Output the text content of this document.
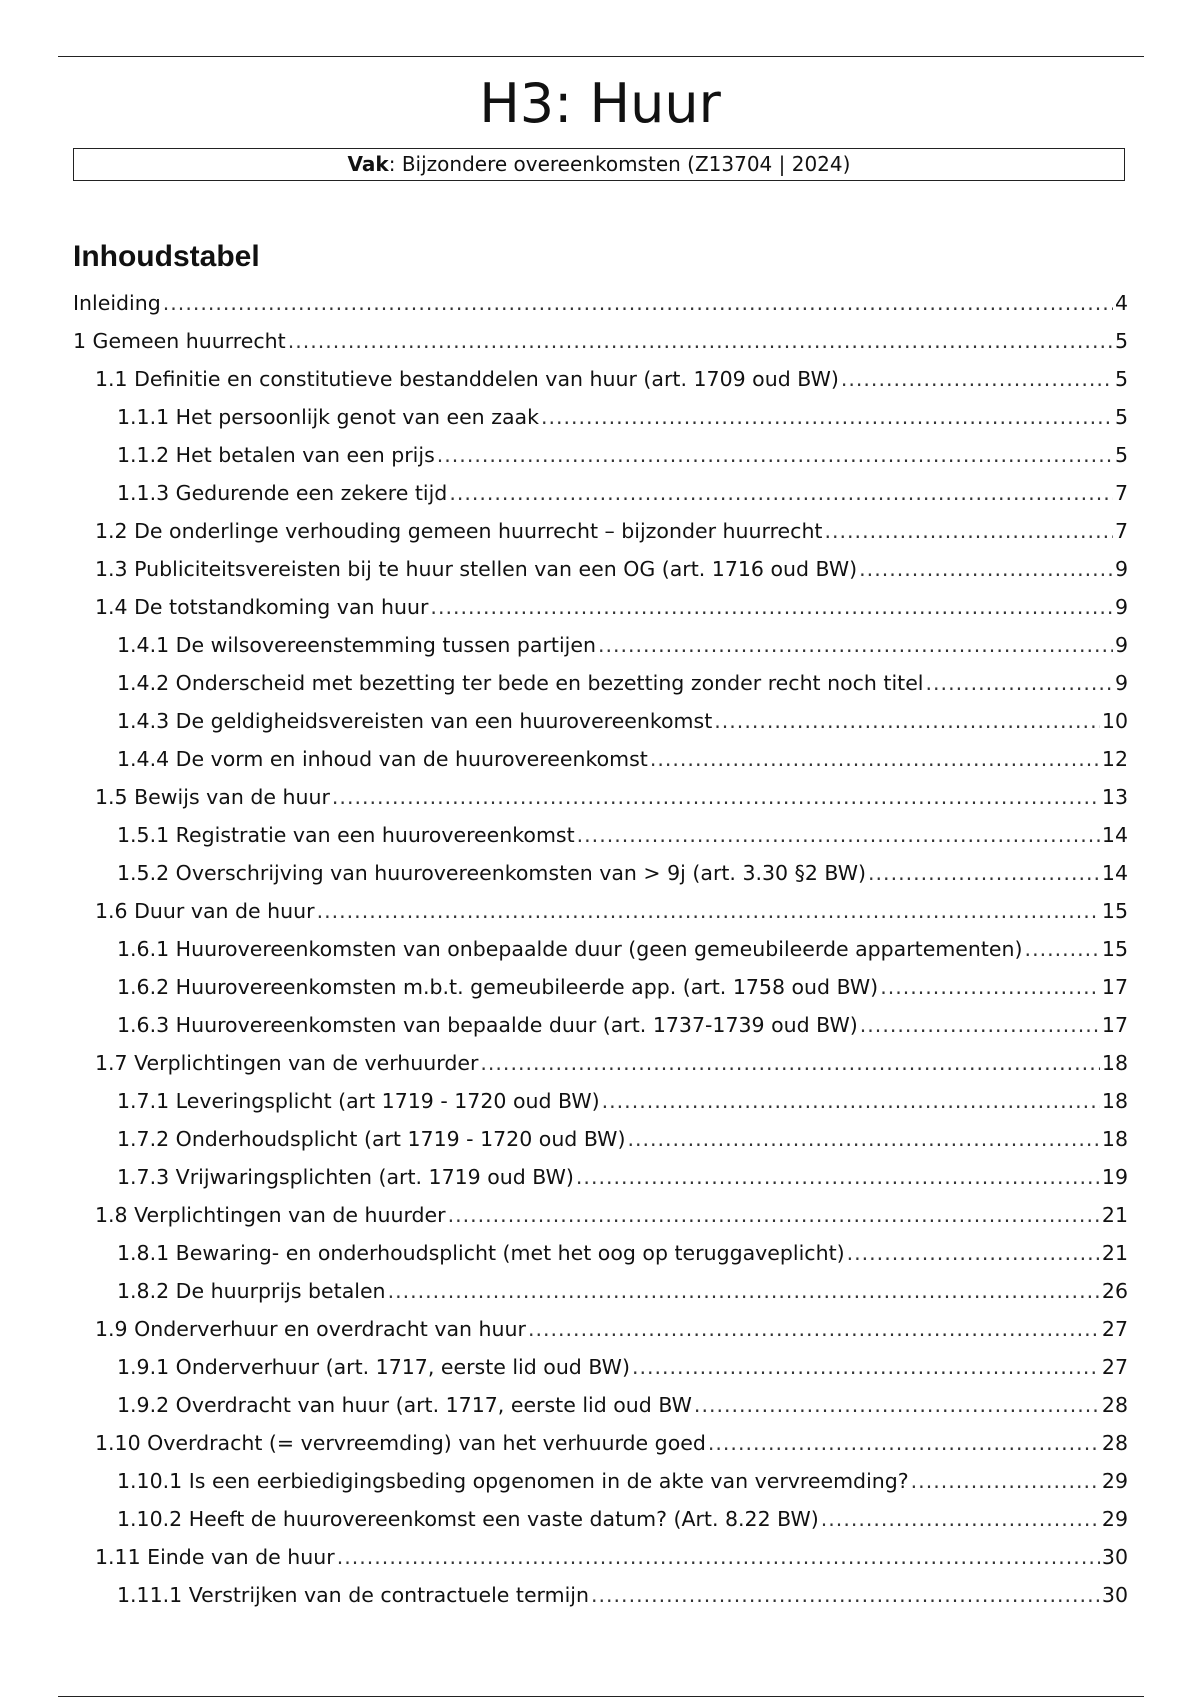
H3: Huur
Vak: Bijzondere overeenkomsten (Z13704 | 2024)
Inhoudstabel
Inleiding .....	4
1 Gemeen huurrecht .....	5
1.1 Definitie en constitutieve bestanddelen van huur (art. 1709 oud BW) .....	5
1.1.1 Het persoonlijk genot van een zaak .....	5
1.1.2 Het betalen van een prijs .....	5
1.1.3 Gedurende een zekere tijd .....	7
1.2 De onderlinge verhouding gemeen huurrecht – bijzonder huurrecht .....	7
1.3 Publiciteitsvereisten bij te huur stellen van een OG (art. 1716 oud BW) .....	9
1.4 De totstandkoming van huur .....	9
1.4.1 De wilsovereenstemming tussen partijen .....	9
1.4.2 Onderscheid met bezetting ter bede en bezetting zonder recht noch titel .....	9
1.4.3 De geldigheidsvereisten van een huurovereenkomst .....	10
1.4.4 De vorm en inhoud van de huurovereenkomst .....	12
1.5 Bewijs van de huur .....	13
1.5.1 Registratie van een huurovereenkomst .....	14
1.5.2 Overschrijving van huurovereenkomsten van > 9j (art. 3.30 §2 BW) .....	14
1.6 Duur van de huur .....	15
1.6.1 Huurovereenkomsten van onbepaalde duur (geen gemeubileerde appartementen) .....	15
1.6.2 Huurovereenkomsten m.b.t. gemeubileerde app. (art. 1758 oud BW) .....	17
1.6.3 Huurovereenkomsten van bepaalde duur (art. 1737-1739 oud BW) .....	17
1.7 Verplichtingen van de verhuurder .....	18
1.7.1 Leveringsplicht (art 1719 - 1720 oud BW) .....	18
1.7.2 Onderhoudsplicht (art 1719 - 1720 oud BW) .....	18
1.7.3 Vrijwaringsplichten (art. 1719 oud BW) .....	19
1.8 Verplichtingen van de huurder .....	21
1.8.1 Bewaring- en onderhoudsplicht (met het oog op teruggaveplicht) .....	21
1.8.2 De huurprijs betalen .....	26
1.9 Onderverhuur en overdracht van huur .....	27
1.9.1 Onderverhuur (art. 1717, eerste lid oud BW) .....	27
1.9.2 Overdracht van huur (art. 1717, eerste lid oud BW .....	28
1.10 Overdracht (= vervreemding) van het verhuurde goed .....	28
1.10.1 Is een eerbiedigingsbeding opgenomen in de akte van vervreemding? .....	29
1.10.2 Heeft de huurovereenkomst een vaste datum? (Art. 8.22 BW) .....	29
1.11 Einde van de huur .....	30
1.11.1 Verstrijken van de contractuele termijn .....	30
